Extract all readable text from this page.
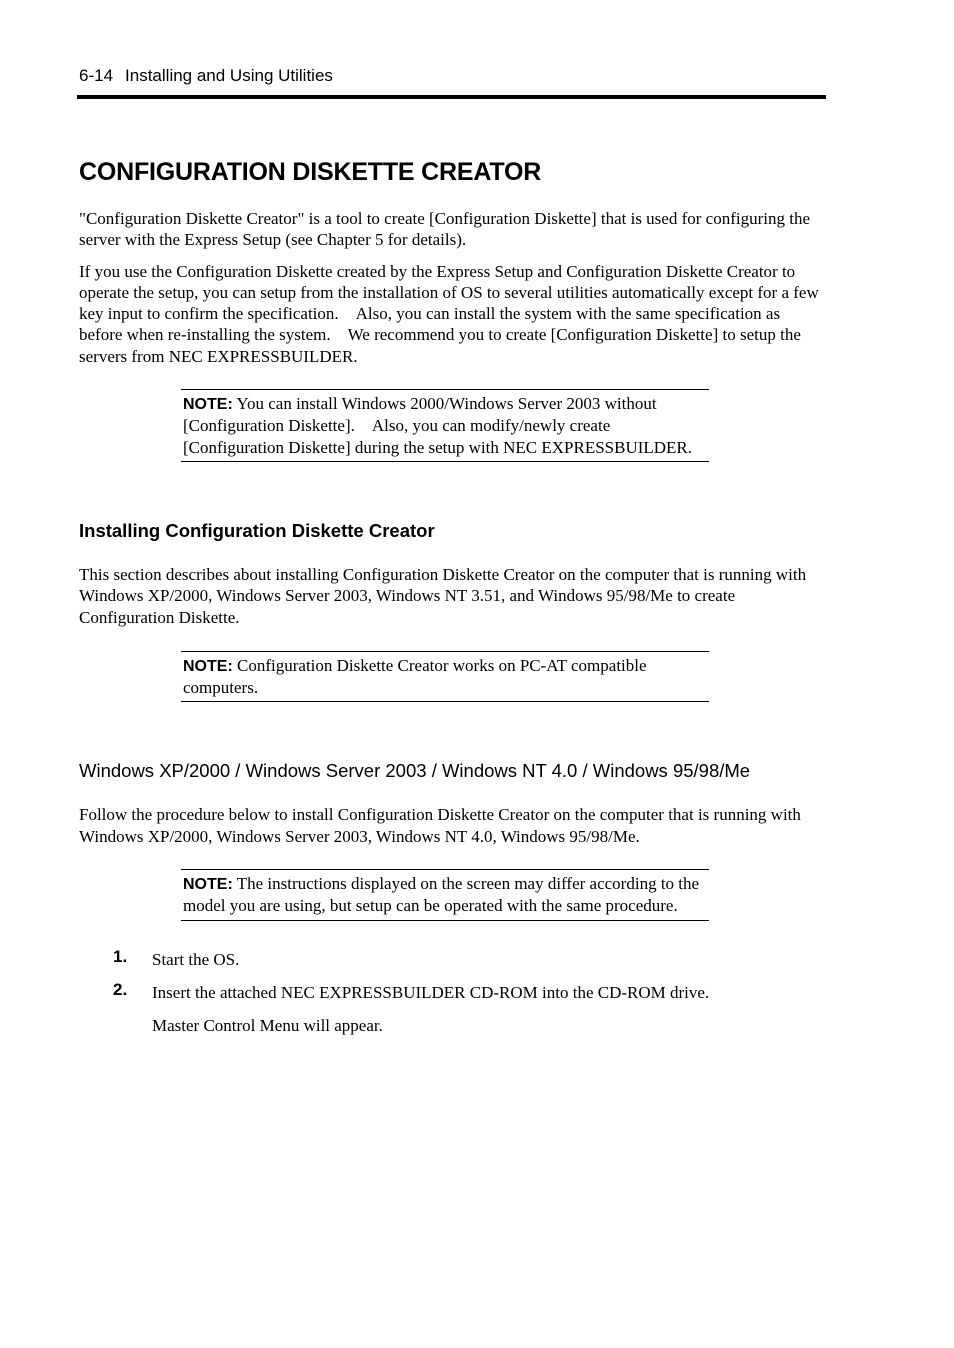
6-14 Installing and Using Utilities
CONFIGURATION DISKETTE CREATOR

"Configuration Diskette Creator" is a tool to create [Configuration Diskette] that is used for configuring the server with the Express Setup (see Chapter 5 for details).

If you use the Configuration Diskette created by the Express Setup and Configuration Diskette Creator to operate the setup, you can setup from the installation of OS to several utilities automatically except for a few key input to confirm the specification.　Also, you can install the system with the same specification as before when re-installing the system.　We recommend you to create [Configuration Diskette] to setup the servers from NEC EXPRESSBUILDER.

NOTE: You can install Windows 2000/Windows Server 2003 without [Configuration Diskette].　Also, you can modify/newly create [Configuration Diskette] during the setup with NEC EXPRESSBUILDER.
Installing Configuration Diskette Creator

This section describes about installing Configuration Diskette Creator on the computer that is running with Windows XP/2000, Windows Server 2003, Windows NT 3.51, and Windows 95/98/Me to create Configuration Diskette.

NOTE: Configuration Diskette Creator works on PC-AT compatible computers.
Windows XP/2000 / Windows Server 2003 / Windows NT 4.0 / Windows 95/98/Me

Follow the procedure below to install Configuration Diskette Creator on the computer that is running with Windows XP/2000, Windows Server 2003, Windows NT 4.0, Windows 95/98/Me.

NOTE: The instructions displayed on the screen may differ according to the model you are using, but setup can be operated with the same procedure.
1. Start the OS.
2. Insert the attached NEC EXPRESSBUILDER CD-ROM into the CD-ROM drive.
Master Control Menu will appear.
